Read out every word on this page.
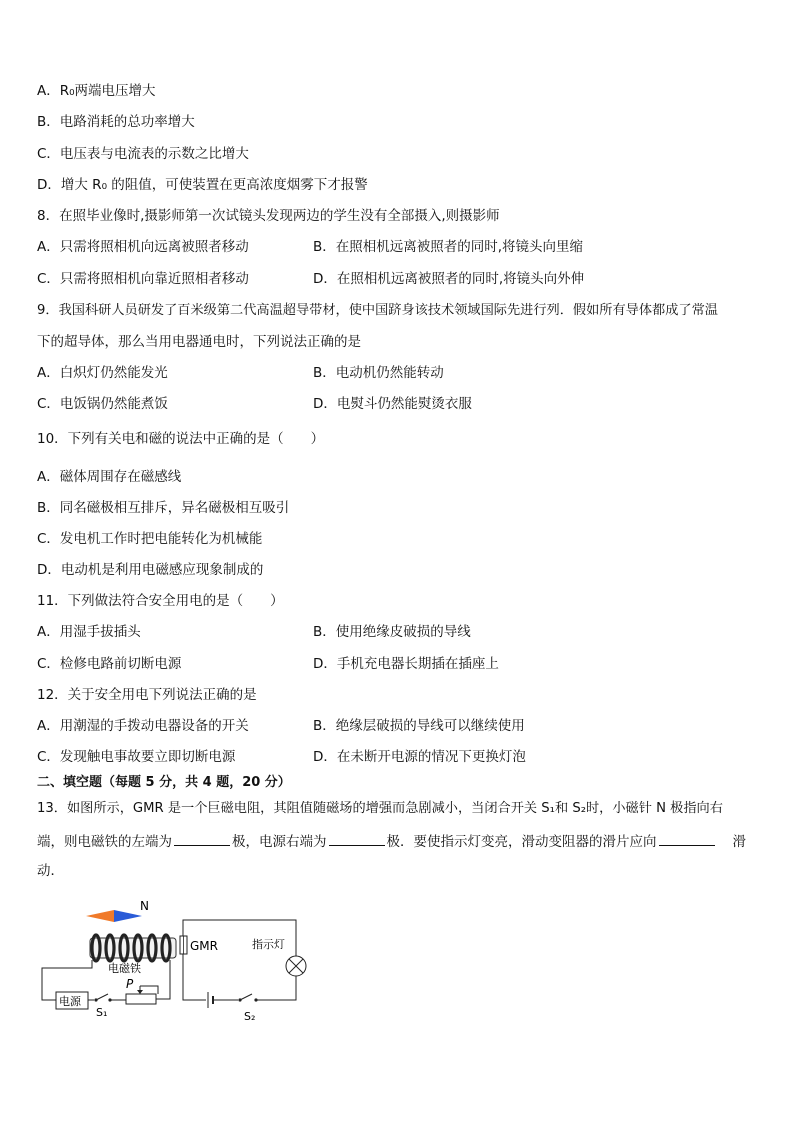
A．R₀两端电压增大
B．电路消耗的总功率增大
C．电压表与电流表的示数之比增大
D．增大 R₀ 的阻值，可使装置在更高浓度烟雾下才报警
8．在照毕业像时,摄影师第一次试镜头发现两边的学生没有全部摄入,则摄影师
A．只需将照相机向远离被照者移动	B．在照相机远离被照者的同时,将镜头向里缩
C．只需将照相机向靠近照相者移动	D．在照相机远离被照者的同时,将镜头向外伸
9．我国科研人员研发了百米级第二代高温超导带材，使中国跻身该技术领域国际先进行列．假如所有导体都成了常温
下的超导体，那么当用电器通电时，下列说法正确的是
A．白炽灯仍然能发光	B．电动机仍然能转动
C．电饭锅仍然能煮饭	D．电熨斗仍然能熨烫衣服
10．下列有关电和磁的说法中正确的是（　　）
A．磁体周围存在磁感线
B．同名磁极相互排斥，异名磁极相互吸引
C．发电机工作时把电能转化为机械能
D．电动机是利用电磁感应现象制成的
11．下列做法符合安全用电的是（　　）
A．用湿手拔插头	B．使用绝缘皮破损的导线
C．检修电路前切断电源	D．手机充电器长期插在插座上
12．关于安全用电下列说法正确的是
A．用潮湿的手拨动电器设备的开关	B．绝缘层破损的导线可以继续使用
C．发现触电事故要立即切断电源	D．在未断开电源的情况下更换灯泡
二、填空题（每题 5 分，共 4 题，20 分）
13．如图所示，GMR 是一个巨磁电阻，其阻值随磁场的增强而急剧减小，当闭合开关 S₁和 S₂时，小磁针 N 极指向右
端，则电磁铁的左端为	极，电源右端为	极．要使指示灯变亮，滑动变阻器的滑片应向	滑
动．
N
电磁铁
电源
S₁
P
GMR	指示灯
S₂
